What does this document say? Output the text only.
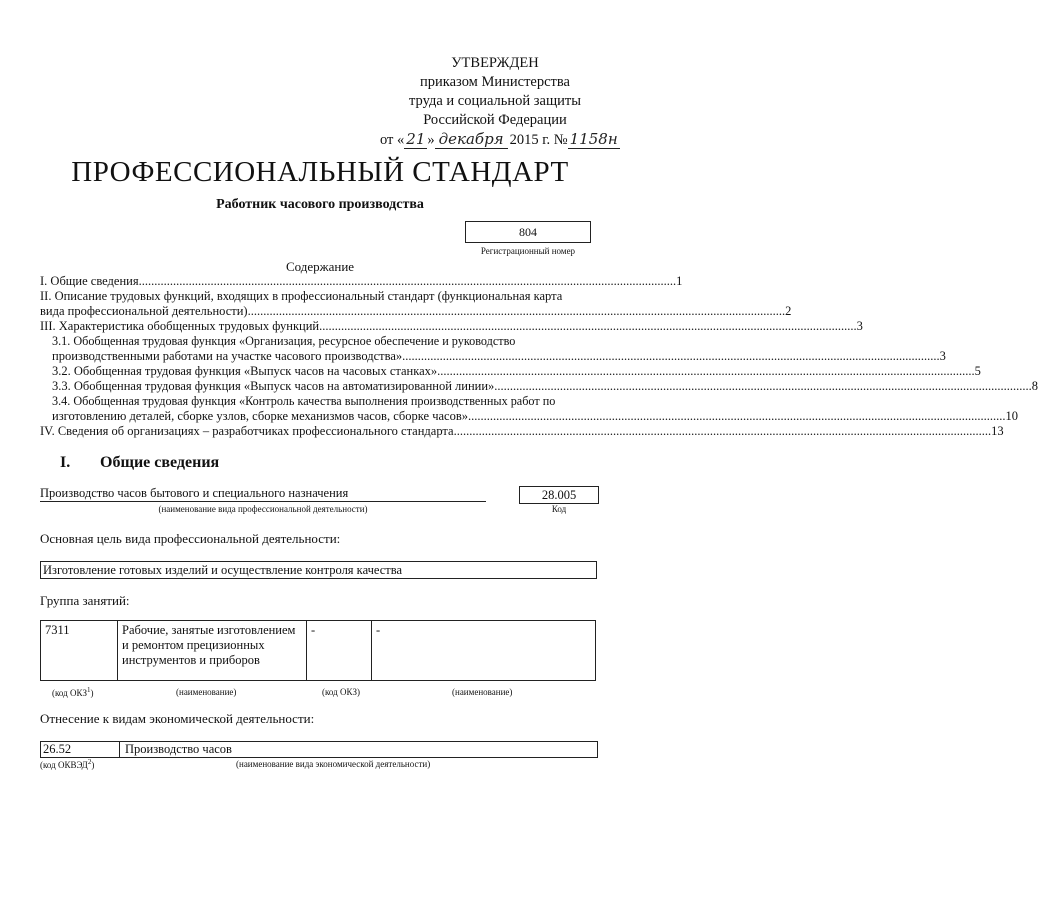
УТВЕРЖДЕН
приказом Министерства
труда и социальной защиты
Российской Федерации
от « 21 » декабря 2015 г. № 1158н
ПРОФЕССИОНАЛЬНЫЙ СТАНДАРТ
Работник часового производства
804
Регистрационный номер
Содержание
I. Общие сведения ............................................................................................................................................................................ 1
II. Описание трудовых функций, входящих в профессиональный стандарт (функциональная карта
вида профессиональной деятельности) ............................................................................................................................................................................ 2
III. Характеристика обобщенных трудовых функций ............................................................................................................................................................................ 3
3.1. Обобщенная трудовая функция «Организация, ресурсное обеспечение и руководство
производственными работами на участке часового производства» ............................................................................................................................................................................ 3
3.2. Обобщенная трудовая функция «Выпуск часов на часовых станках» ............................................................................................................................................................................ 5
3.3. Обобщенная трудовая функция «Выпуск часов на автоматизированной линии» ............................................................................................................................................................................ 8
3.4. Обобщенная трудовая функция «Контроль качества выполнения производственных работ по
изготовлению деталей, сборке узлов, сборке механизмов часов, сборке часов» ............................................................................................................................................................................ 10
IV. Сведения об организациях – разработчиках профессионального стандарта ............................................................................................................................................................................ 13
I. Общие сведения
Производство часов бытового и специального назначения
(наименование вида профессиональной деятельности)
28.005
Код
Основная цель вида профессиональной деятельности:
Изготовление готовых изделий и осуществление контроля качества
Группа занятий:
7311	Рабочие, занятые изготовлением и ремонтом прецизионных инструментов и приборов	-	-
(код ОКЗ$^1$)	(наименование)	(код ОКЗ)	(наименование)
Отнесение к видам экономической деятельности:
26.52	Производство часов
(код ОКВЭД$^2$)	(наименование вида экономической деятельности)
